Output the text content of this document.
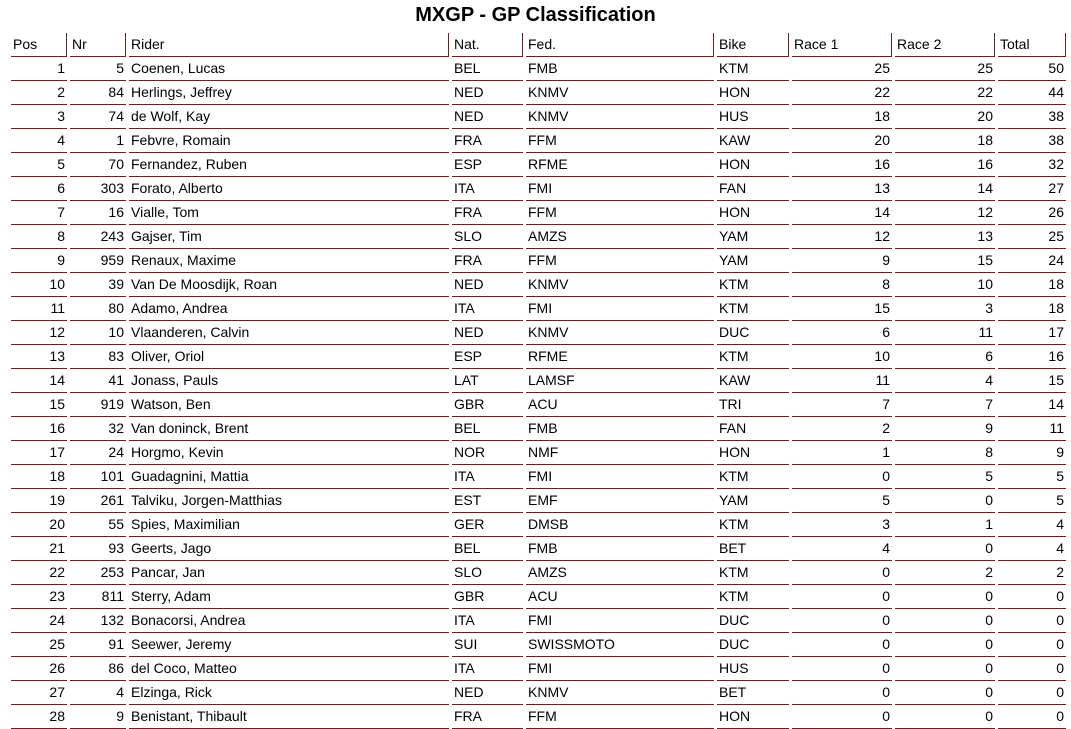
MXGP - GP Classification
Pos	Nr	Rider	Nat.	Fed.	Bike	Race 1	Race 2	Total
1	5	Coenen, Lucas	BEL	FMB	KTM	25	25	50
2	84	Herlings, Jeffrey	NED	KNMV	HON	22	22	44
3	74	de Wolf, Kay	NED	KNMV	HUS	18	20	38
4	1	Febvre, Romain	FRA	FFM	KAW	20	18	38
5	70	Fernandez, Ruben	ESP	RFME	HON	16	16	32
6	303	Forato, Alberto	ITA	FMI	FAN	13	14	27
7	16	Vialle, Tom	FRA	FFM	HON	14	12	26
8	243	Gajser, Tim	SLO	AMZS	YAM	12	13	25
9	959	Renaux, Maxime	FRA	FFM	YAM	9	15	24
10	39	Van De Moosdijk, Roan	NED	KNMV	KTM	8	10	18
11	80	Adamo, Andrea	ITA	FMI	KTM	15	3	18
12	10	Vlaanderen, Calvin	NED	KNMV	DUC	6	11	17
13	83	Oliver, Oriol	ESP	RFME	KTM	10	6	16
14	41	Jonass, Pauls	LAT	LAMSF	KAW	11	4	15
15	919	Watson, Ben	GBR	ACU	TRI	7	7	14
16	32	Van doninck, Brent	BEL	FMB	FAN	2	9	11
17	24	Horgmo, Kevin	NOR	NMF	HON	1	8	9
18	101	Guadagnini, Mattia	ITA	FMI	KTM	0	5	5
19	261	Talviku, Jorgen-Matthias	EST	EMF	YAM	5	0	5
20	55	Spies, Maximilian	GER	DMSB	KTM	3	1	4
21	93	Geerts, Jago	BEL	FMB	BET	4	0	4
22	253	Pancar, Jan	SLO	AMZS	KTM	0	2	2
23	811	Sterry, Adam	GBR	ACU	KTM	0	0	0
24	132	Bonacorsi, Andrea	ITA	FMI	DUC	0	0	0
25	91	Seewer, Jeremy	SUI	SWISSMOTO	DUC	0	0	0
26	86	del Coco, Matteo	ITA	FMI	HUS	0	0	0
27	4	Elzinga, Rick	NED	KNMV	BET	0	0	0
28	9	Benistant, Thibault	FRA	FFM	HON	0	0	0
